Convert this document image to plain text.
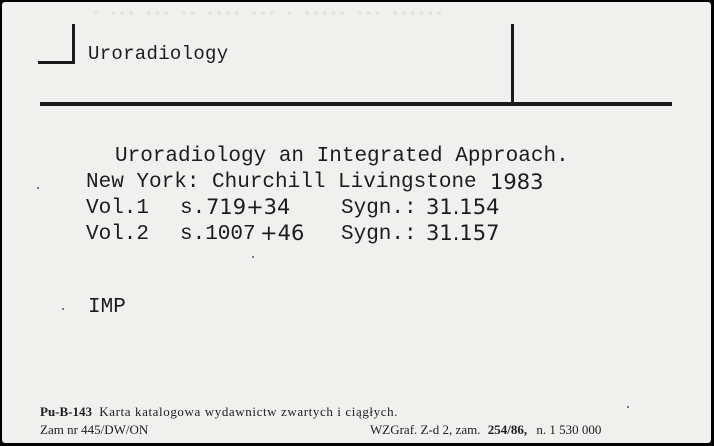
▪ ▪▪▪ ▪▪▪ ▪▪ ▪▪▪▪ ▪▪▪ ▪ ▪▪▪▪▪ ▪▪▪ ▪▪▪▪▪▪
Uroradiology
Uroradiology an Integrated Approach.
New York: Churchill Livingstone 1983
Vol.1 s. 719+34 Sygn.: 31.154
Vol.2 s.1007 +46 Sygn.: 31.157
IMP
Pu-B-143 Karta katalogowa wydawnictw zwartych i ciągłych.
Zam nr 445/DW/ON	WZGraf. Z-d 2, zam. 254/86, n. 1 530 000
